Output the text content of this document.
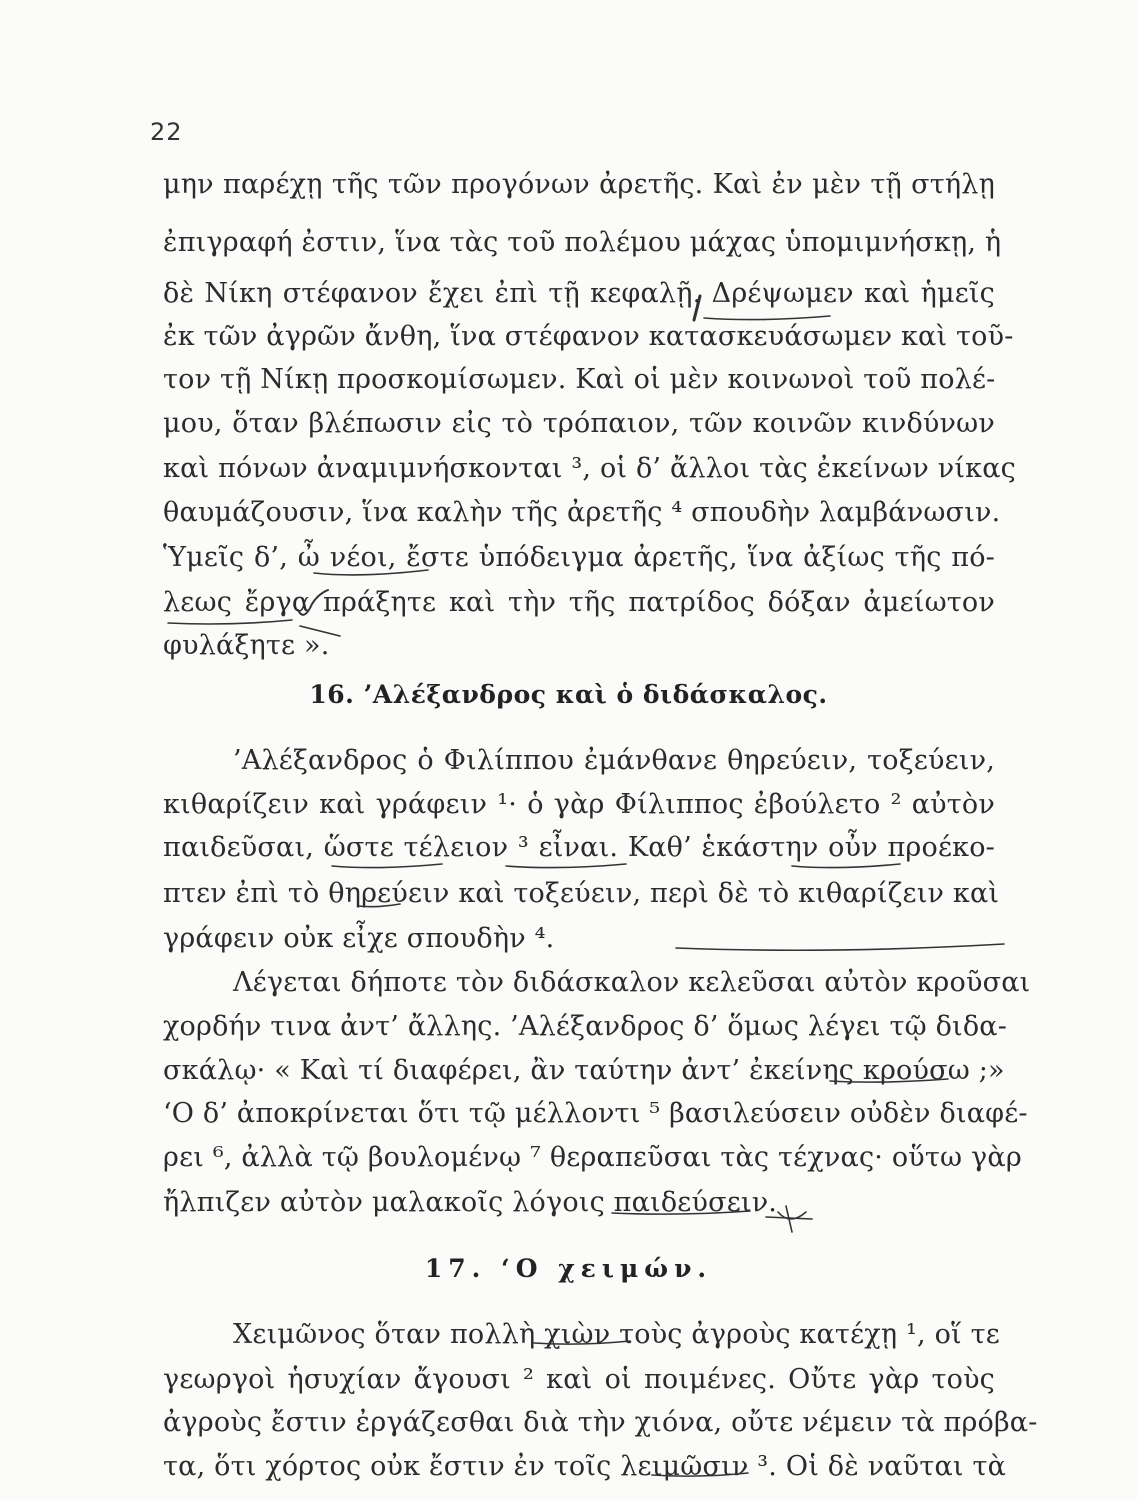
22
μην παρέχῃ τῆς τῶν προγόνων ἀρετῆς. Καὶ ἐν μὲν τῇ στήλῃ
ἐπιγραφή ἐστιν, ἵνα τὰς τοῦ πολέμου μάχας ὑπομιμνήσκῃ, ἡ
δὲ Νίκη στέφανον ἔχει ἐπὶ τῇ κεφαλῇ. Δρέψωμεν καὶ ἡμεῖς
ἐκ τῶν ἀγρῶν ἄνθη, ἵνα στέφανον κατασκευάσωμεν καὶ τοῦ-
τον τῇ Νίκῃ προσκομίσωμεν. Καὶ οἱ μὲν κοινωνοὶ τοῦ πολέ-
μου, ὅταν βλέπωσιν εἰς τὸ τρόπαιον, τῶν κοινῶν κινδύνων
καὶ πόνων ἀναμιμνήσκονται ³, οἱ δ’ ἄλλοι τὰς ἐκείνων νίκας
θαυμάζουσιν, ἵνα καλὴν τῆς ἀρετῆς ⁴ σπουδὴν λαμβάνωσιν.
Ὑμεῖς δ’, ὦ νέοι, ἔστε ὑπόδειγμα ἀρετῆς, ἵνα ἀξίως τῆς πό-
λεως ἔργα πράξητε καὶ τὴν τῆς πατρίδος δόξαν ἀμείωτον
φυλάξητε ».
16. ’Αλέξανδρος καὶ ὁ διδάσκαλος.
’Αλέξανδρος ὁ Φιλίππου ἐμάνθανε θηρεύειν, τοξεύειν,
κιθαρίζειν καὶ γράφειν ¹· ὁ γὰρ Φίλιππος ἐβούλετο ² αὐτὸν
παιδεῦσαι, ὥστε τέλειον ³ εἶναι. Καθ’ ἑκάστην οὖν προέκο-
πτεν ἐπὶ τὸ θηρεύειν καὶ τοξεύειν, περὶ δὲ τὸ κιθαρίζειν καὶ
γράφειν οὐκ εἶχε σπουδὴν ⁴.
Λέγεται δήποτε τὸν διδάσκαλον κελεῦσαι αὐτὸν κροῦσαι
χορδήν τινα ἀντ’ ἄλλης. ’Αλέξανδρος δ’ ὅμως λέγει τῷ διδα-
σκάλῳ· « Καὶ τί διαφέρει, ἂν ταύτην ἀντ’ ἐκείνης κρούσω ;»
‘Ο δ’ ἀποκρίνεται ὅτι τῷ μέλλοντι ⁵ βασιλεύσειν οὐδὲν διαφέ-
ρει ⁶, ἀλλὰ τῷ βουλομένῳ ⁷ θεραπεῦσαι τὰς τέχνας· οὕτω γὰρ
ἤλπιζεν αὐτὸν μαλακοῖς λόγοις παιδεύσειν.
17. ‘Ο χειμών.
Χειμῶνος ὅταν πολλὴ χιὼν τοὺς ἀγροὺς κατέχῃ ¹, οἵ τε
γεωργοὶ ἡσυχίαν ἄγουσι ² καὶ οἱ ποιμένες. Οὔτε γὰρ τοὺς
ἀγροὺς ἔστιν ἐργάζεσθαι διὰ τὴν χιόνα, οὔτε νέμειν τὰ πρόβα-
τα, ὅτι χόρτος οὐκ ἔστιν ἐν τοῖς λειμῶσιν ³. Οἱ δὲ ναῦται τὰ
